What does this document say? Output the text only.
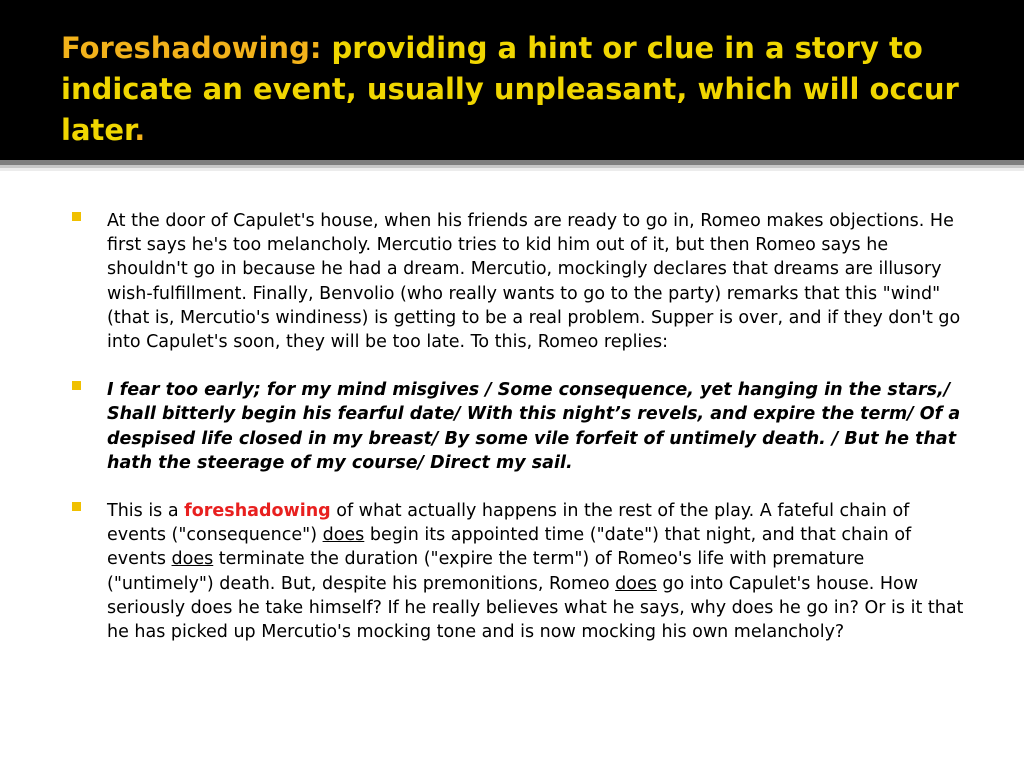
Foreshadowing: providing a hint or clue in a story to indicate an event, usually unpleasant, which will occur later.

At the door of Capulet's house, when his friends are ready to go in, Romeo makes objections. He first says he's too melancholy. Mercutio tries to kid him out of it, but then Romeo says he shouldn't go in because he had a dream. Mercutio, mockingly declares that dreams are illusory wish-fulfillment. Finally, Benvolio (who really wants to go to the party) remarks that this "wind" (that is, Mercutio's windiness) is getting to be a real problem. Supper is over, and if they don't go into Capulet's soon, they will be too late. To this, Romeo replies:

I fear too early; for my mind misgives / Some consequence, yet hanging in the stars,/ Shall bitterly begin his fearful date/ With this night’s revels, and expire the term/ Of a despised life closed in my breast/ By some vile forfeit of untimely death. / But he that hath the steerage of my course/ Direct my sail.

This is a foreshadowing of what actually happens in the rest of the play. A fateful chain of events ("consequence") does begin its appointed time ("date") that night, and that chain of events does terminate the duration ("expire the term") of Romeo's life with premature ("untimely") death. But, despite his premonitions, Romeo does go into Capulet's house. How seriously does he take himself? If he really believes what he says, why does he go in? Or is it that he has picked up Mercutio's mocking tone and is now mocking his own melancholy?
